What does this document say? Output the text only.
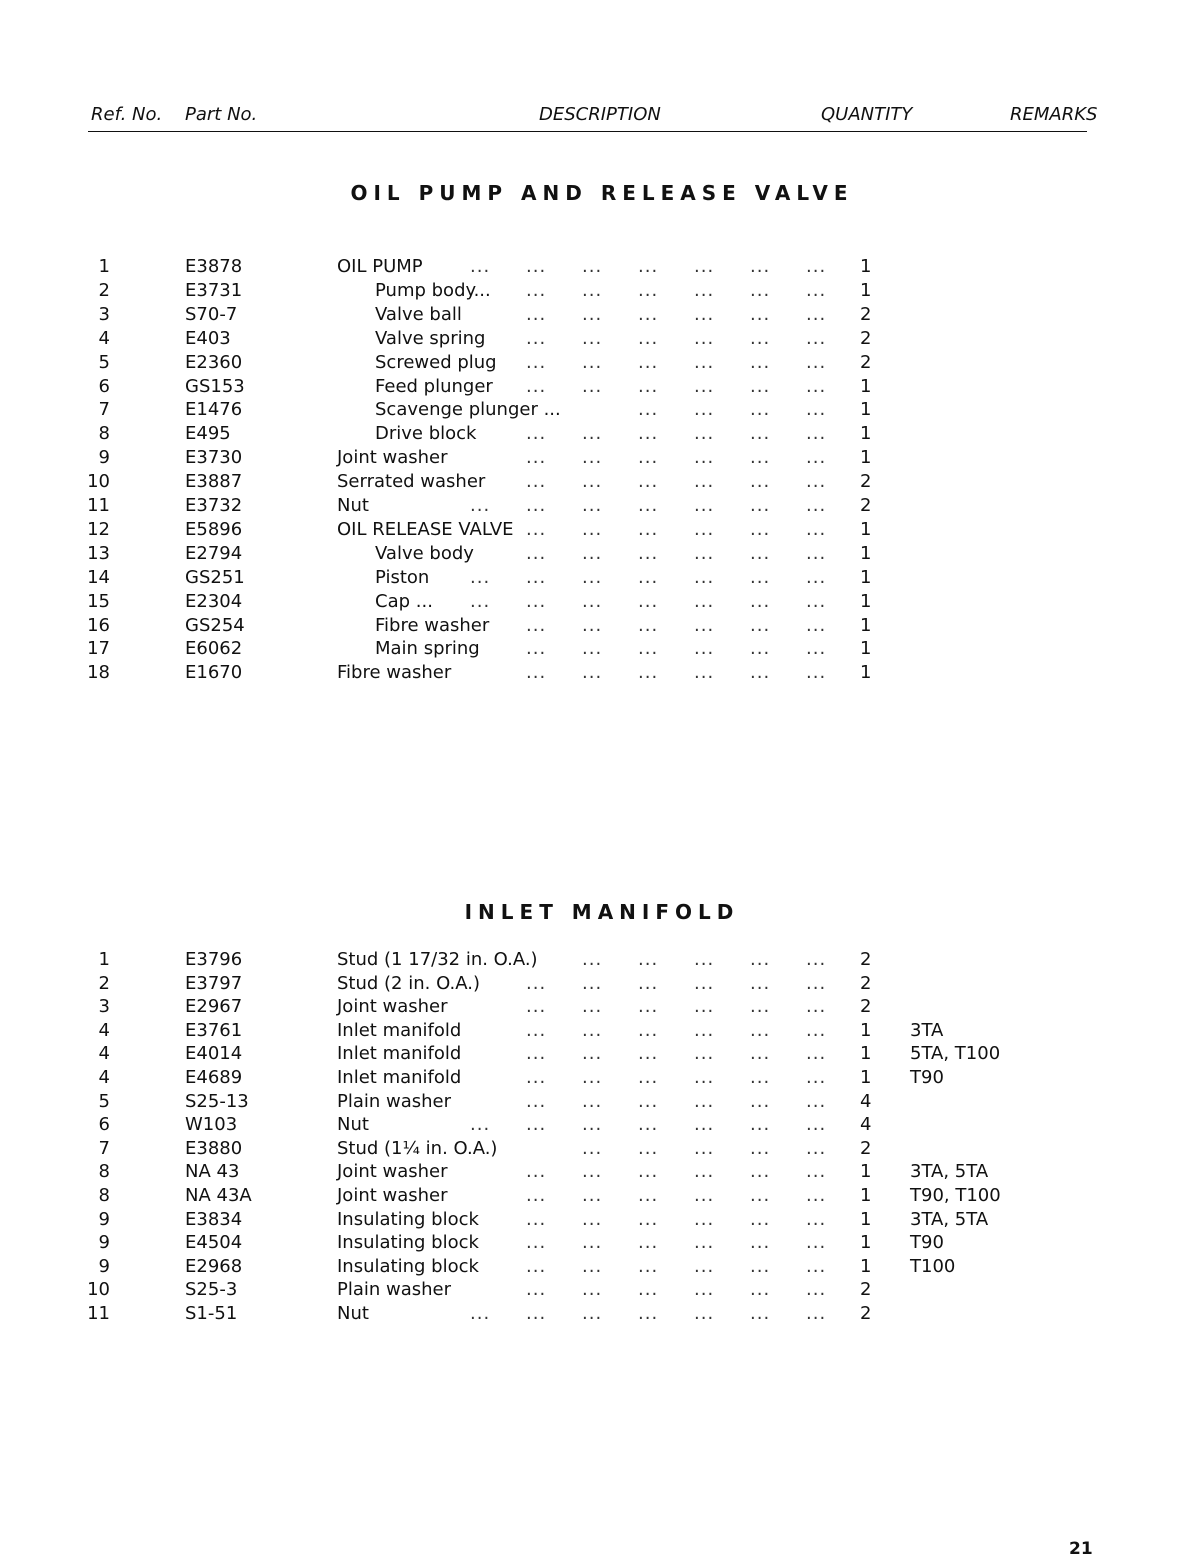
Ref. No. Part No.	DESCRIPTION	QUANTITY	REMARKS
OIL PUMP AND RELEASE VALVE
1	E3878	OIL PUMP	... ... ... ... ... ... ... 1
2	E3731	Pump body... ... ... ... ... ... ... 1
3	S70-7	Valve ball	... ... ... ... ... ... 2
4	E403	Valve spring ... ... ... ... ... ... 2
5	E2360	Screwed plug ... ... ... ... ... ... 2
6	GS153	Feed plunger ... ... ... ... ... ... 1
7	E1476	Scavenge plunger ...	... ... ... ... 1
8	E495	Drive block	... ... ... ... ... ... 1
9	E3730	Joint washer	... ... ... ... ... ... 1
10	E3887	Serrated washer ... ... ... ... ... ... 2
11	E3732	Nut	... ... ... ... ... ... ... 2
12	E5896	OIL RELEASE VALVE ... ... ... ... ... ... 1
13	E2794	Valve body	... ... ... ... ... ... 1
14	GS251	Piston ... ... ... ... ... ... ... 1
15	E2304	Cap ... ... ... ... ... ... ... ... 1
16	GS254	Fibre washer ... ... ... ... ... ... 1
17	E6062	Main spring	... ... ... ... ... ... 1
18	E1670	Fibre washer	... ... ... ... ... ... 1
INLET MANIFOLD
1	E3796	Stud (1 17/32 in. O.A.) ... ... ... ... ... 2
2	E3797	Stud (2 in. O.A.)	... ... ... ... ... ... 2
3	E2967	Joint washer	... ... ... ... ... ... 2
4	E3761	Inlet manifold	... ... ... ... ... ... 1 3TA
4	E4014	Inlet manifold	... ... ... ... ... ... 1 5TA, T100
4	E4689	Inlet manifold	... ... ... ... ... ... 1 T90
5	S25-13	Plain washer	... ... ... ... ... ... 4
6	W103	Nut	... ... ... ... ... ... ... 4
7	E3880	Stud (1¼ in. O.A.)	... ... ... ... ... 2
8	NA 43	Joint washer	... ... ... ... ... ... 1 3TA, 5TA
8	NA 43A	Joint washer	... ... ... ... ... ... 1 T90, T100
9	E3834	Insulating block	... ... ... ... ... ... 1 3TA, 5TA
9	E4504	Insulating block	... ... ... ... ... ... 1 T90
9	E2968	Insulating block	... ... ... ... ... ... 1 T100
10	S25-3	Plain washer	... ... ... ... ... ... 2
11	S1-51	Nut	... ... ... ... ... ... ... 2
21
